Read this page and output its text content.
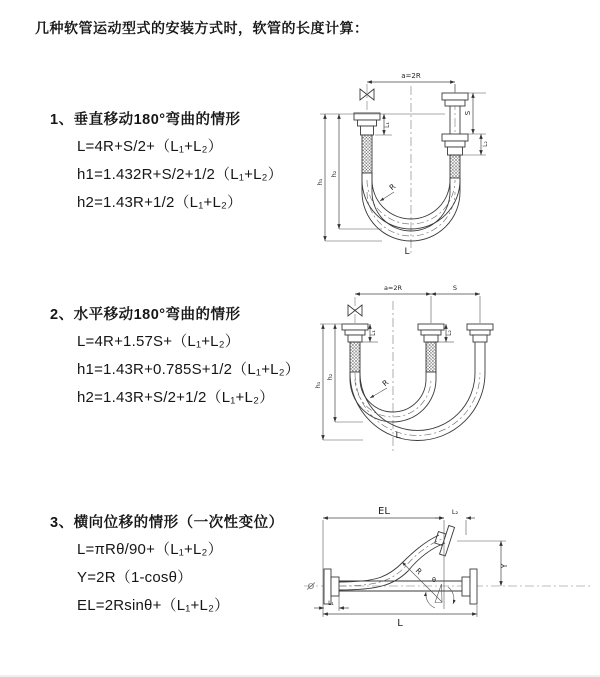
几种软管运动型式的安装方式时，软管的长度计算：
1、垂直移动180°弯曲的情形
L=4R+S/2+（L₁+L₂）
h1=1.432R+S/2+1/2（L₁+L₂）
h2=1.43R+1/2（L₁+L₂）
a=2R
h₁
h₂
L₁
S
L₂
R
L
2、水平移动180°弯曲的情形
L=4R+1.57S+（L₁+L₂）
h1=1.43R+0.785S+1/2（L₁+L₂）
h2=1.43R+S/2+1/2（L₁+L₂）
a=2R	S
h₁
h₂
L₁	L₂
R
L
3、横向位移的情形（一次性变位）
L=πRθ/90+（L₁+L₂）
Y=2R（1-cosθ）
EL=2Rsinθ+（L₁+L₂）
EL	L₂
Y
R
θ
L
L₁
